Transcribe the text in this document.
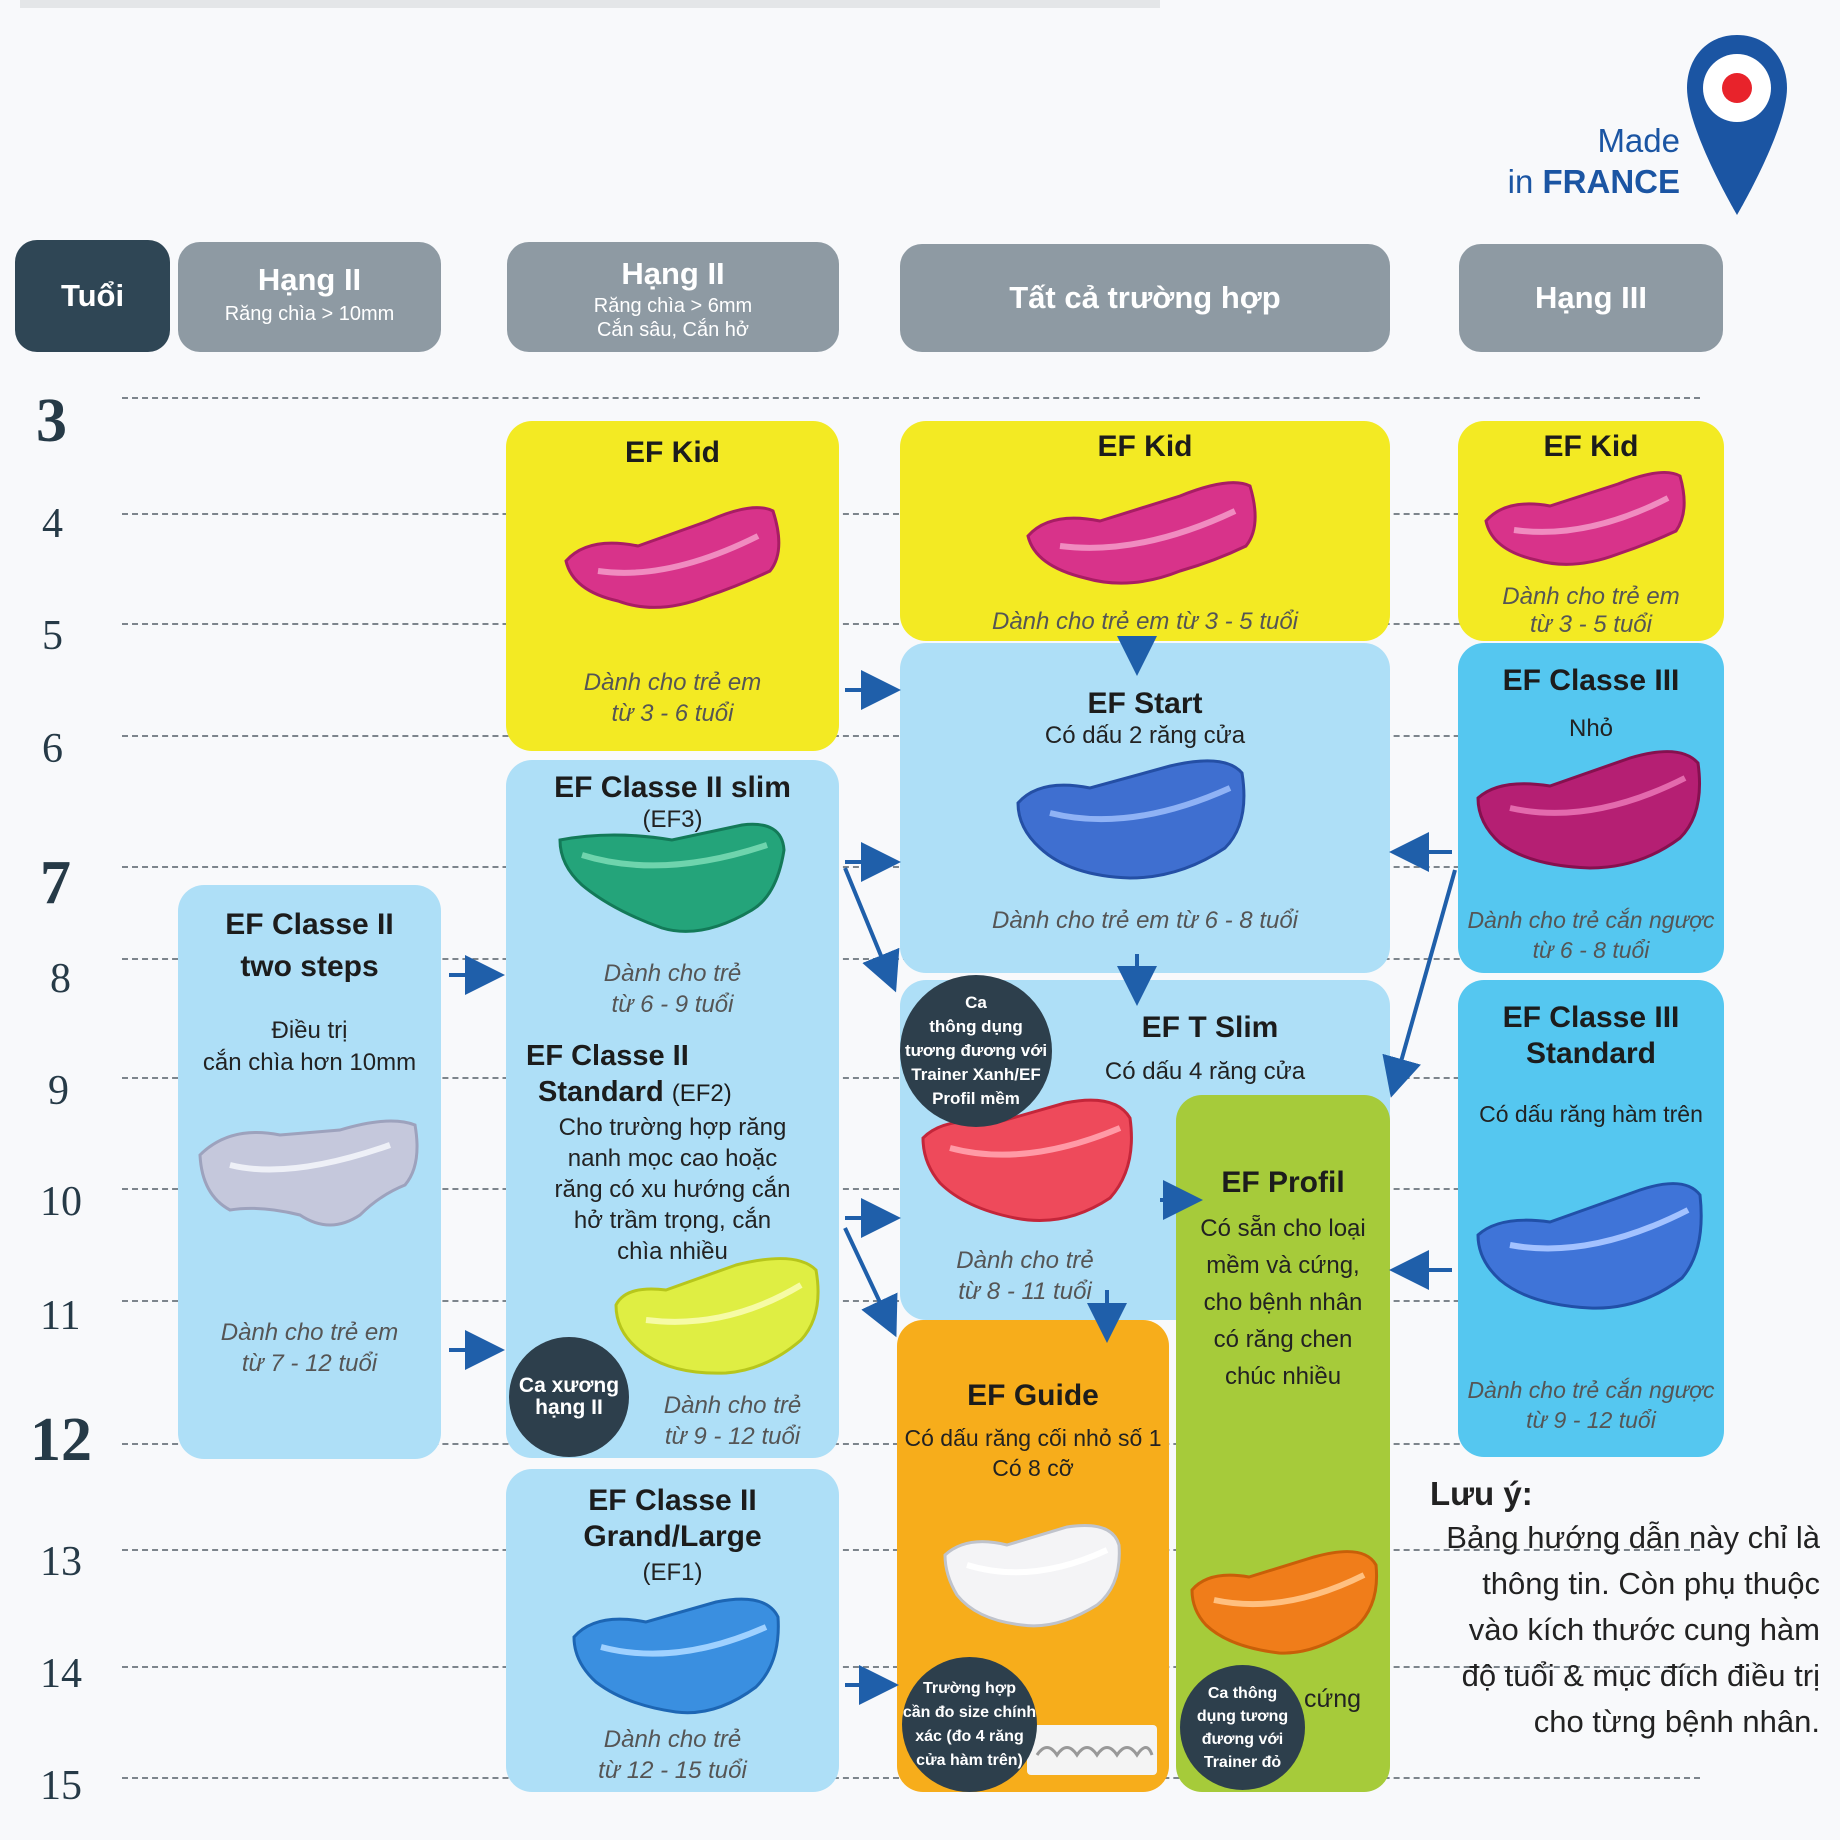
Made
in FRANCE
Tuổi	Hạng II
Răng chìa > 10mm
Hạng II
Răng chìa > 6mm
Cắn sâu, Cắn hở
Tất cả trường hợp	Hạng III
3
4
5
6
7
8
9
10
11
12
13
14
15
EF Classe II
two steps
Điều trị
cắn chìa hơn 10mm
Dành cho trẻ em
từ 7 - 12 tuổi
EF Kid
Dành cho trẻ em
từ 3 - 6 tuổi
EF Classe II slim
(EF3)
Dành cho trẻ
từ 6 - 9 tuổi
EF Classe II
Standard (EF2)
Cho trường hợp răng
nanh mọc cao hoặc
răng có xu hướng cắn
hở trầm trọng, cắn
chìa nhiều
Dành cho trẻ
từ 9 - 12 tuổi
Ca xương
hạng II
EF Classe II
Grand/Large
(EF1)
Dành cho trẻ
từ 12 - 15 tuổi
EF Kid
Dành cho trẻ em từ 3 - 5 tuổi
EF Start
Có dấu 2 răng cửa
Dành cho trẻ em từ 6 - 8 tuổi
EF T Slim
Có dấu 4 răng cửa
Dành cho trẻ
từ 8 - 11 tuổi
Ca
thông dụng
tương đương với
Trainer Xanh/EF
Profil mềm
EF Guide
Có dấu răng cối nhỏ số 1
Có 8 cỡ
Trường hợp
cần đo size chính
xác (đo 4 răng
cửa hàm trên)
EF Profil
Có sẵn cho loại
mềm và cứng,
cho bệnh nhân
có răng chen
chúc nhiều
cứng
Ca thông
dụng tương
đương với
Trainer đỏ
EF Kid
Dành cho trẻ em
từ 3 - 5 tuổi
EF Classe III
Nhỏ
Dành cho trẻ cắn ngược
từ 6 - 8 tuổi
EF Classe III
Standard
Có dấu răng hàm trên
Dành cho trẻ cắn ngược
từ 9 - 12 tuổi
Lưu ý:
Bảng hướng dẫn này chỉ là
thông tin. Còn phụ thuộc
vào kích thước cung hàm
độ tuổi & mục đích điều trị
cho từng bệnh nhân.
